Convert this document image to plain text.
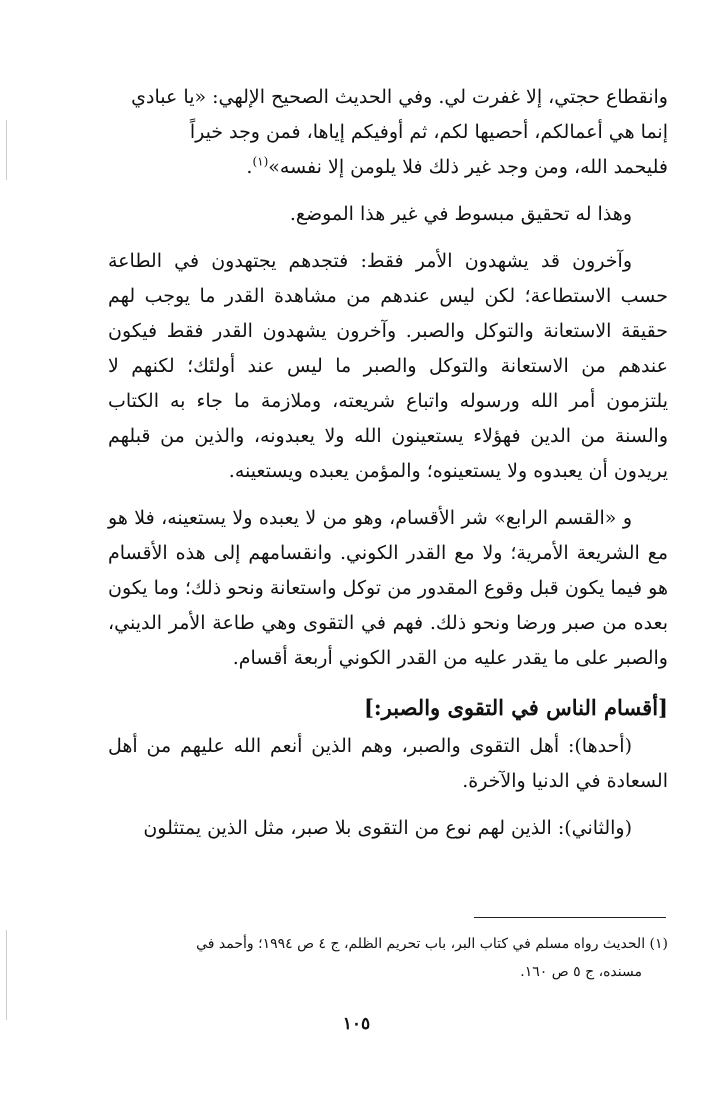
وانقطاع حجتي، إلا غفرت لي. وفي الحديث الصحيح الإلهي: «يا عبادي
إنما هي أعمالكم، أحصيها لكم، ثم أوفيكم إياها، فمن وجد خيراً
فليحمد الله، ومن وجد غير ذلك فلا يلومن إلا نفسه»$^{(١)}$.

وهذا له تحقيق مبسوط في غير هذا الموضع.

وآخرون قد يشهدون الأمر فقط: فتجدهم يجتهدون في الطاعة حسب الاستطاعة؛ لكن ليس عندهم من مشاهدة القدر ما يوجب لهم حقيقة الاستعانة والتوكل والصبر. وآخرون يشهدون القدر فقط فيكون عندهم من الاستعانة والتوكل والصبر ما ليس عند أولئك؛ لكنهم لا يلتزمون أمر الله ورسوله واتباع شريعته، وملازمة ما جاء به الكتاب والسنة من الدين فهؤلاء يستعينون الله ولا يعبدونه، والذين من قبلهم يريدون أن يعبدوه ولا يستعينوه؛ والمؤمن يعبده ويستعينه.

و «القسم الرابع» شر الأقسام، وهو من لا يعبده ولا يستعينه، فلا هو مع الشريعة الأمرية؛ ولا مع القدر الكوني. وانقسامهم إلى هذه الأقسام هو فيما يكون قبل وقوع المقدور من توكل واستعانة ونحو ذلك؛ وما يكون بعده من صبر ورضا ونحو ذلك. فهم في التقوى وهي طاعة الأمر الديني، والصبر على ما يقدر عليه من القدر الكوني أربعة أقسام.

[أقسام الناس في التقوى والصبر:]

(أحدها): أهل التقوى والصبر، وهم الذين أنعم الله عليهم من أهل السعادة في الدنيا والآخرة.

(والثاني): الذين لهم نوع من التقوى بلا صبر، مثل الذين يمتثلون

(١) الحديث رواه مسلم في كتاب البر، باب تحريم الظلم، ج ٤ ص ١٩٩٤؛ وأحمد في
مسنده، ج ٥ ص ١٦٠.
١٠٥
